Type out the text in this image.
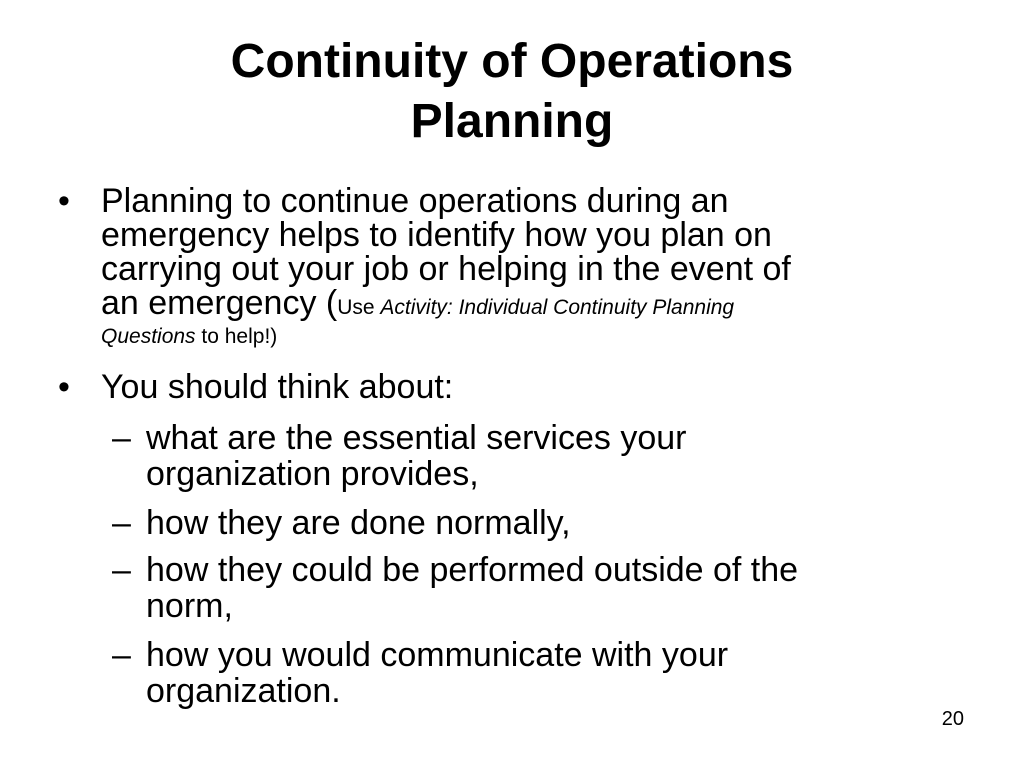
Continuity of Operations
Planning
• Planning to continue operations during an
emergency helps to identify how you plan on
carrying out your job or helping in the event of
an emergency (Use Activity: Individual Continuity Planning
Questions to help!)
• You should think about:
– what are the essential services your
organization provides,
– how they are done normally,
– how they could be performed outside of the
norm,
– how you would communicate with your
organization.
20
